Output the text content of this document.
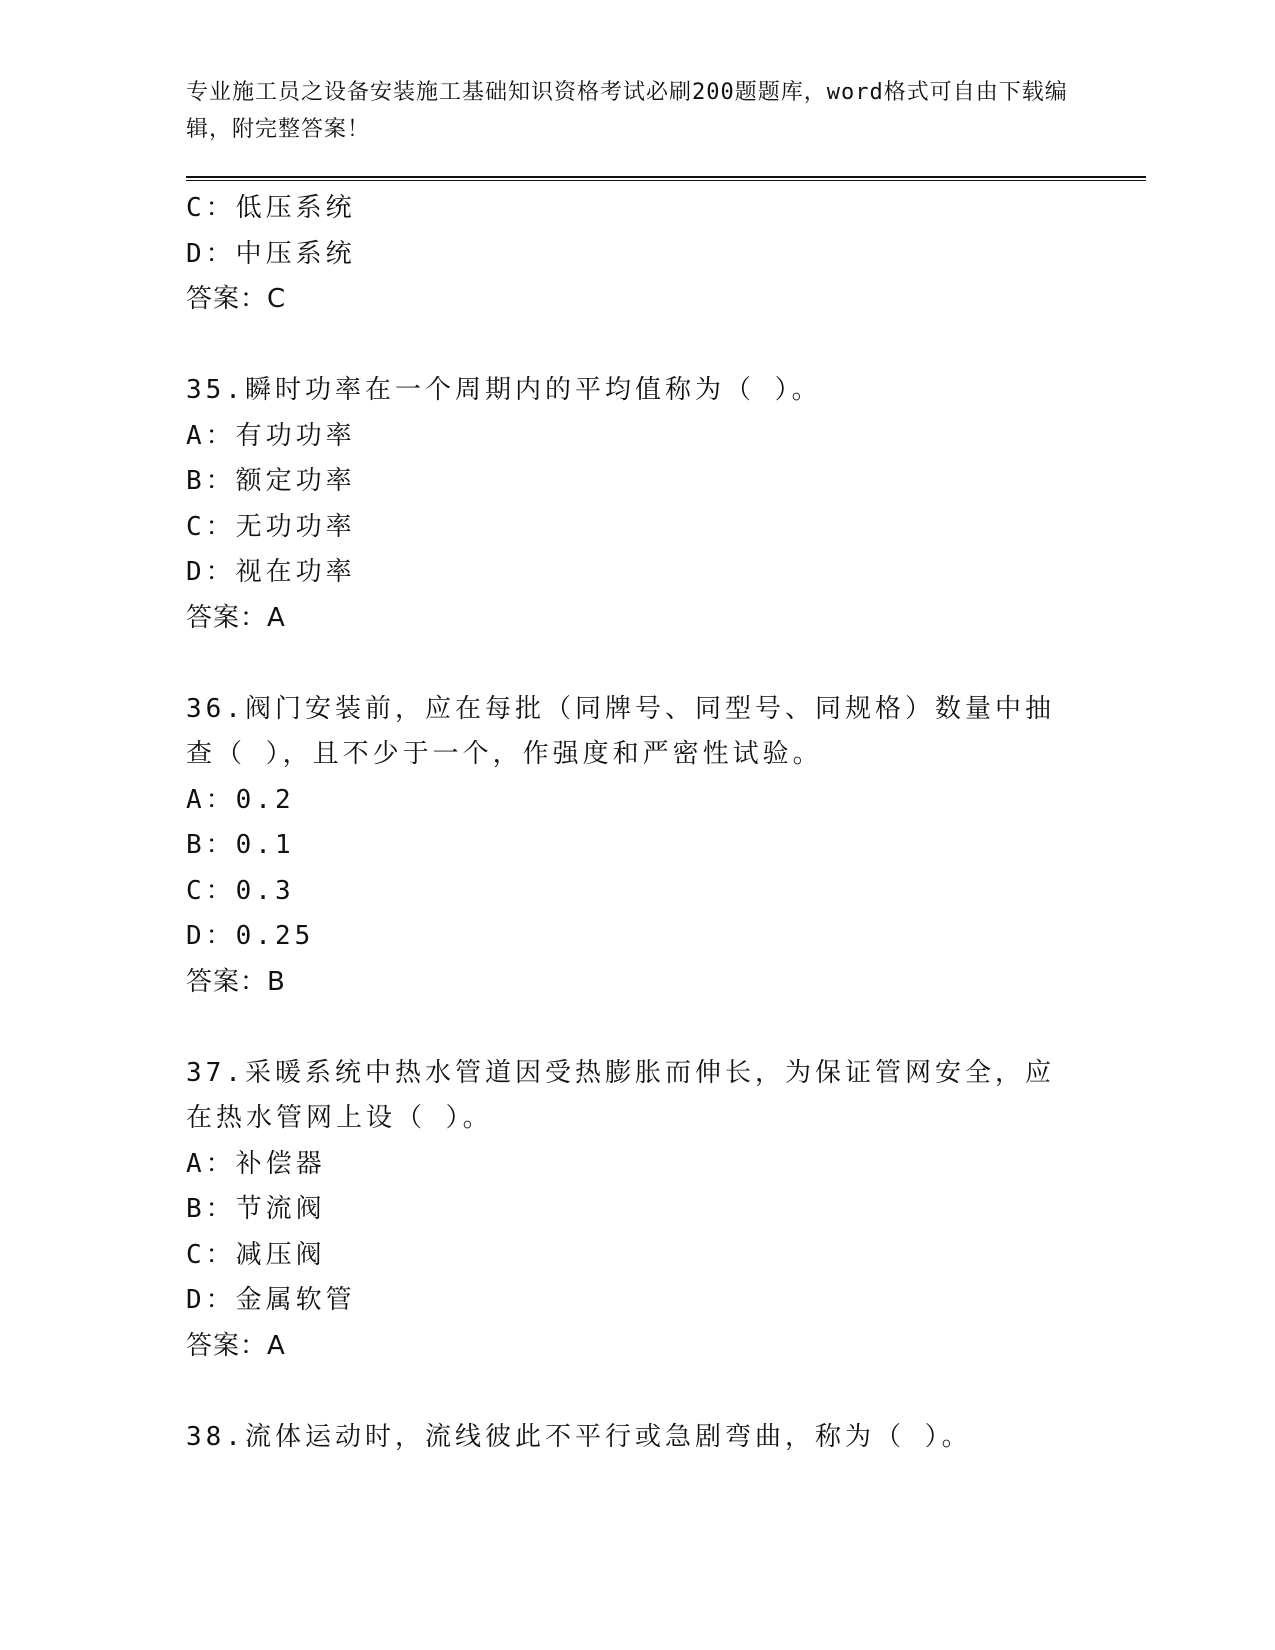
专业施工员之设备安装施工基础知识资格考试必刷200题题库，word格式可自由下载编辑，附完整答案！
C：低压系统
D：中压系统
答案：C
35.瞬时功率在一个周期内的平均值称为（ ）。
A：有功功率
B：额定功率
C：无功功率
D：视在功率
答案：A
36.阀门安装前，应在每批（同牌号、同型号、同规格）数量中抽查（ ），且不少于一个，作强度和严密性试验。
A：0.2
B：0.1
C：0.3
D：0.25
答案：B
37.采暖系统中热水管道因受热膨胀而伸长，为保证管网安全，应在热水管网上设（ ）。
A：补偿器
B：节流阀
C：减压阀
D：金属软管
答案：A
38.流体运动时，流线彼此不平行或急剧弯曲，称为（ ）。
